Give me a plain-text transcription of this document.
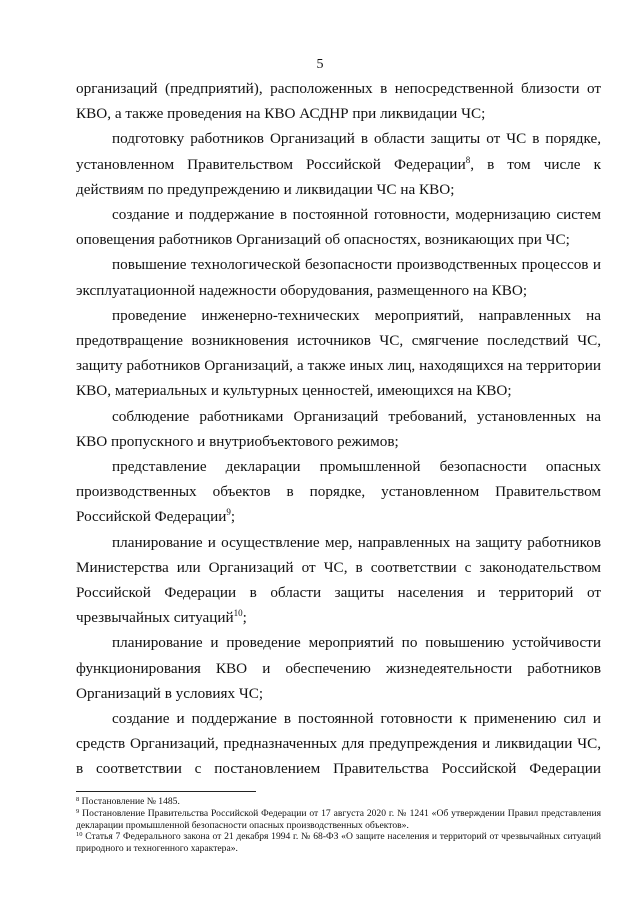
5

организаций (предприятий), расположенных в непосредственной близости от КВО, а также проведения на КВО АСДНР при ликвидации ЧС;

подготовку работников Организаций в области защиты от ЧС в порядке, установленном Правительством Российской Федерации$^8$, в том числе к действиям по предупреждению и ликвидации ЧС на КВО;

создание и поддержание в постоянной готовности, модернизацию систем оповещения работников Организаций об опасностях, возникающих при ЧС;

повышение технологической безопасности производственных процессов и эксплуатационной надежности оборудования, размещенного на КВО;

проведение инженерно-технических мероприятий, направленных на предотвращение возникновения источников ЧС, смягчение последствий ЧС, защиту работников Организаций, а также иных лиц, находящихся на территории КВО, материальных и культурных ценностей, имеющихся на КВО;

соблюдение работниками Организаций требований, установленных на КВО пропускного и внутриобъектового режимов;

представление декларации промышленной безопасности опасных производственных объектов в порядке, установленном Правительством Российской Федерации$^9$;

планирование и осуществление мер, направленных на защиту работников Министерства или Организаций от ЧС, в соответствии с законодательством Российской Федерации в области защиты населения и территорий от чрезвычайных ситуаций$^{10}$;

планирование и проведение мероприятий по повышению устойчивости функционирования КВО и обеспечению жизнедеятельности работников Организаций в условиях ЧС;

создание и поддержание в постоянной готовности к применению сил и средств Организаций, предназначенных для предупреждения и ликвидации ЧС, в соответствии с постановлением Правительства Российской Федерации

$^8$ Постановление № 1485.

$^9$ Постановление Правительства Российской Федерации от 17 августа 2020 г. № 1241 «Об утверждении Правил представления декларации промышленной безопасности опасных производственных объектов».

$^{10}$ Статья 7 Федерального закона от 21 декабря 1994 г. № 68-ФЗ «О защите населения и территорий от чрезвычайных ситуаций природного и техногенного характера».
